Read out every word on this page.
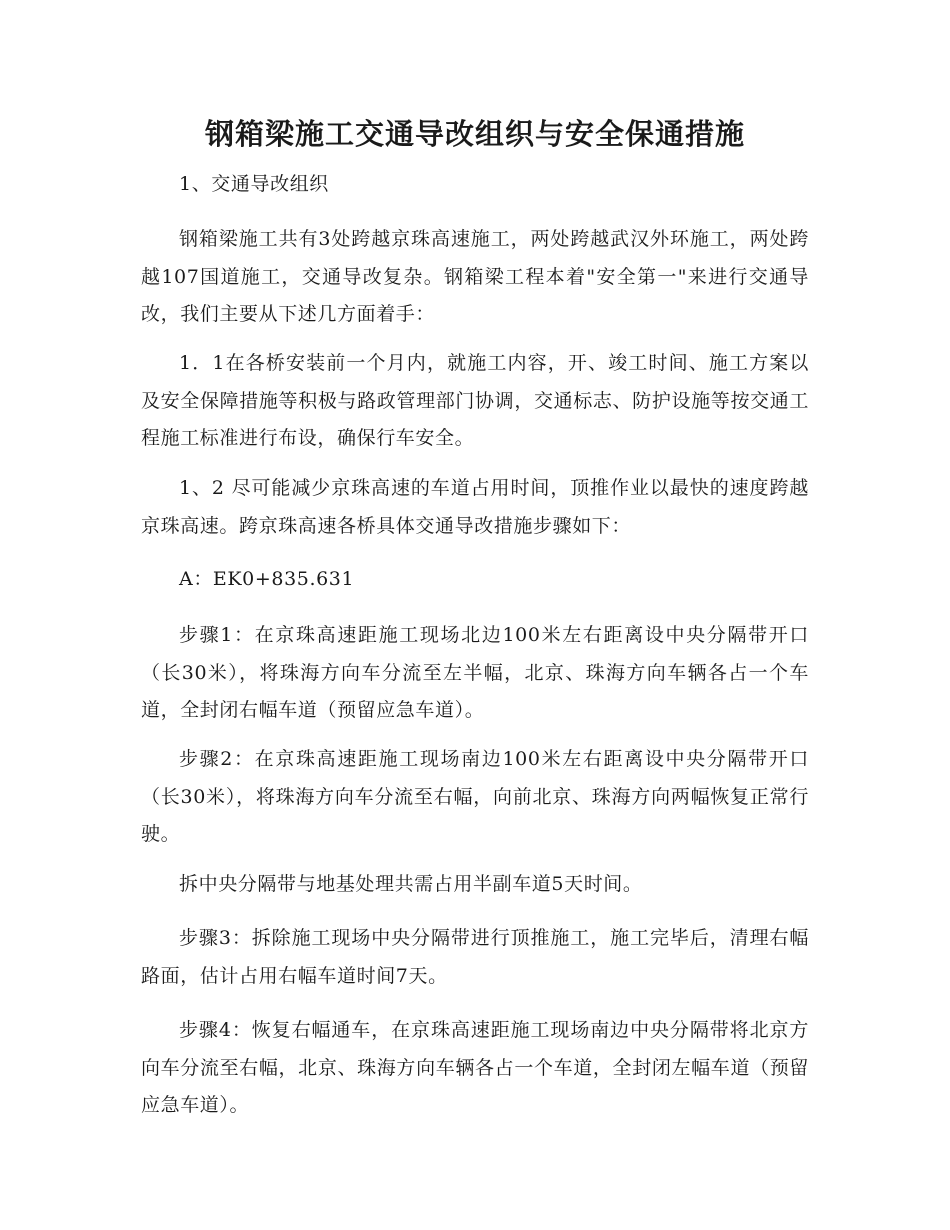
钢箱梁施工交通导改组织与安全保通措施

1、交通导改组织

钢箱梁施工共有3处跨越京珠高速施工，两处跨越武汉外环施工，两处跨越107国道施工，交通导改复杂。钢箱梁工程本着"安全第一"来进行交通导改，我们主要从下述几方面着手：

1．1在各桥安装前一个月内，就施工内容，开、竣工时间、施工方案以及安全保障措施等积极与路政管理部门协调，交通标志、防护设施等按交通工程施工标准进行布设，确保行车安全。

1、2 尽可能减少京珠高速的车道占用时间，顶推作业以最快的速度跨越京珠高速。跨京珠高速各桥具体交通导改措施步骤如下：

A：EK0+835.631

步骤1：在京珠高速距施工现场北边100米左右距离设中央分隔带开口（长30米），将珠海方向车分流至左半幅，北京、珠海方向车辆各占一个车道，全封闭右幅车道（预留应急车道）。

步骤2：在京珠高速距施工现场南边100米左右距离设中央分隔带开口（长30米），将珠海方向车分流至右幅，向前北京、珠海方向两幅恢复正常行驶。

拆中央分隔带与地基处理共需占用半副车道5天时间。

步骤3：拆除施工现场中央分隔带进行顶推施工，施工完毕后，清理右幅路面，估计占用右幅车道时间7天。

步骤4：恢复右幅通车，在京珠高速距施工现场南边中央分隔带将北京方向车分流至右幅，北京、珠海方向车辆各占一个车道，全封闭左幅车道（预留应急车道）。
